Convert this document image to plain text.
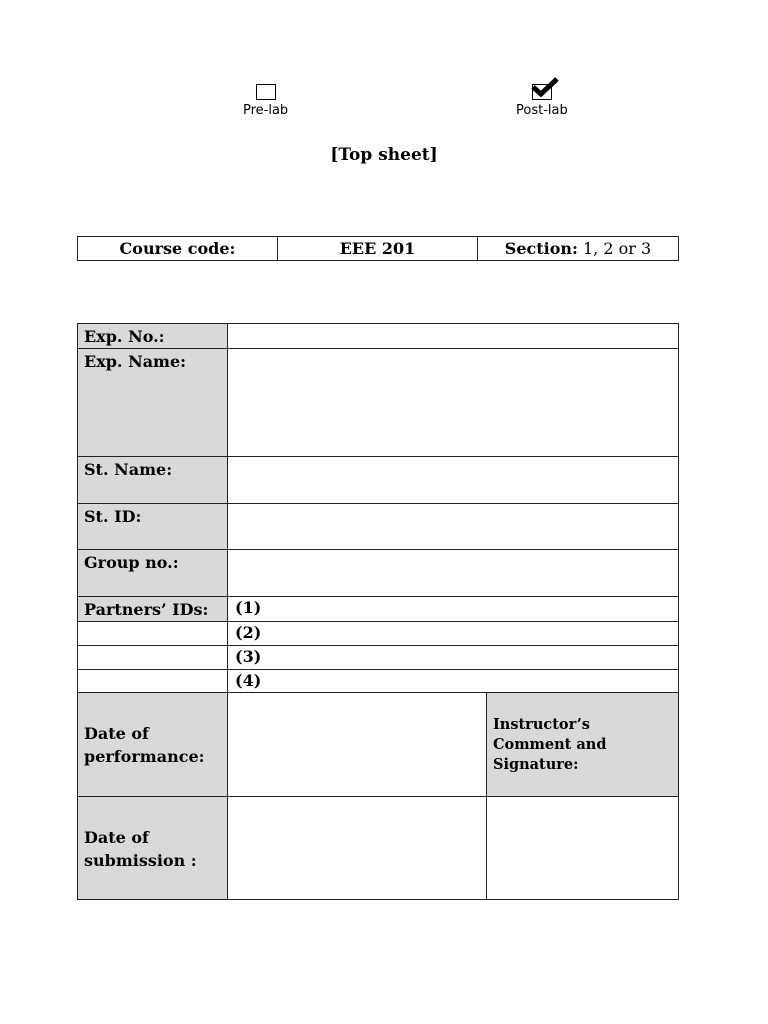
Pre-lab	Post-lab
[Top sheet]
Course code:	EEE 201	Section: 1, 2 or 3
Exp. No.:		
Exp. Name:		
St. Name:		
St. ID:		
Group no.:		
Partners’ IDs:	(1)	
	(2)	
	(3)	
	(4)	
Date of performance:		Instructor’s Comment and Signature:
Date of submission :		
